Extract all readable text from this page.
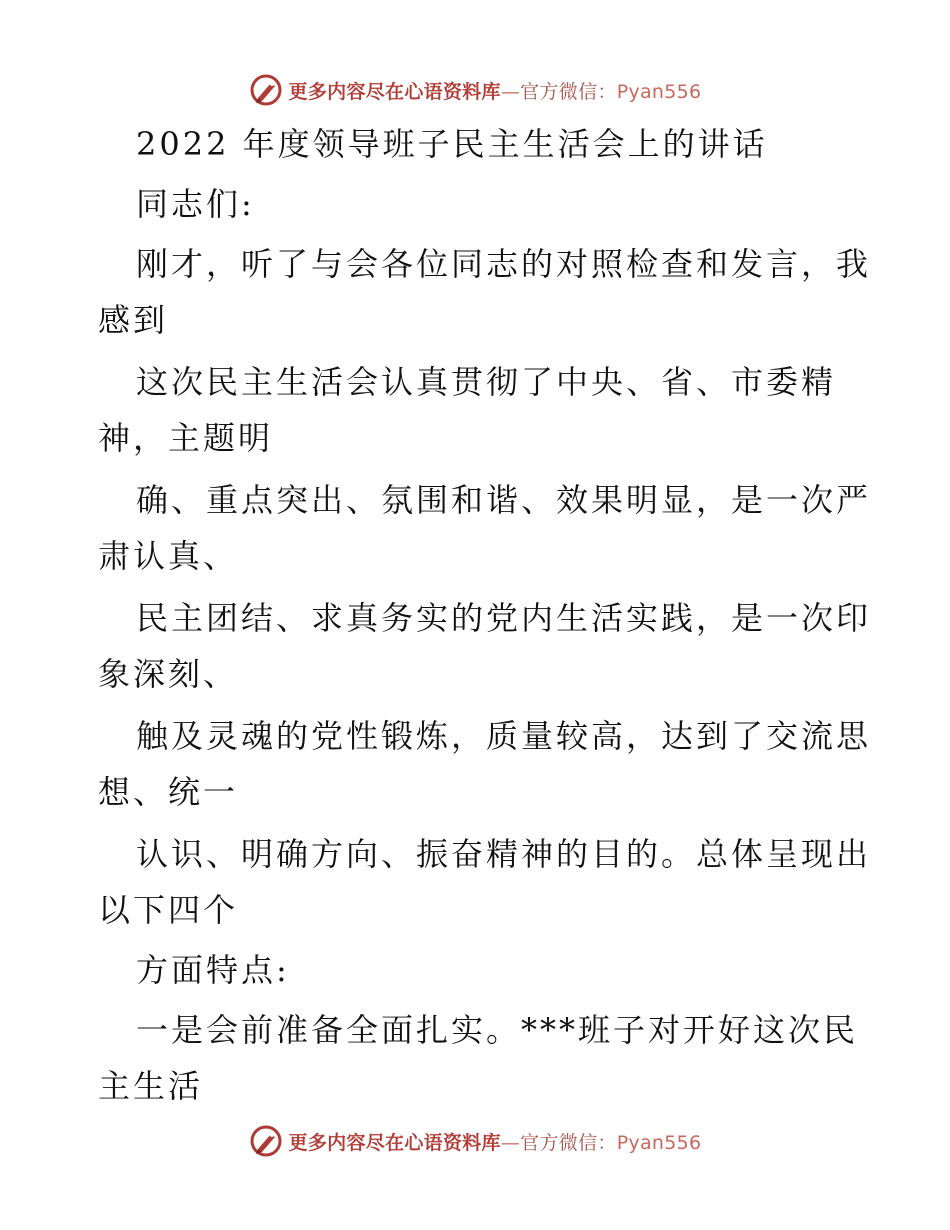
更多内容尽在心语资料库—官方微信：Pyan556
2022 年度领导班子民主生活会上的讲话
同志们:
刚才，听了与会各位同志的对照检查和发言，我
感到
这次民主生活会认真贯彻了中央、省、市委精
神，主题明
确、重点突出、氛围和谐、效果明显，是一次严
肃认真、
民主团结、求真务实的党内生活实践，是一次印
象深刻、
触及灵魂的党性锻炼，质量较高，达到了交流思
想、统一
认识、明确方向、振奋精神的目的。总体呈现出
以下四个
方面特点:
一是会前准备全面扎实。***班子对开好这次民
主生活
更多内容尽在心语资料库—官方微信：Pyan556
